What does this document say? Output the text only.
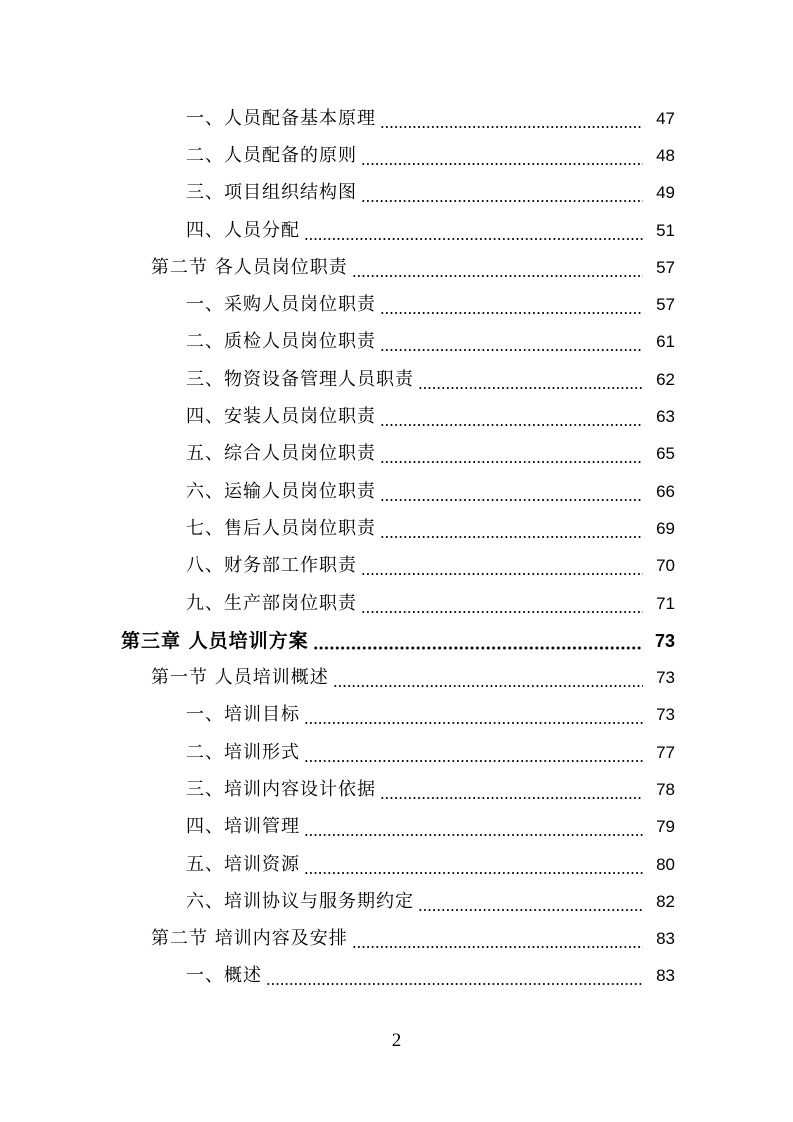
一、人员配备基本原理	47
二、人员配备的原则	48
三、项目组织结构图	49
四、人员分配	51
第二节 各人员岗位职责	57
一、采购人员岗位职责	57
二、质检人员岗位职责	61
三、物资设备管理人员职责	62
四、安装人员岗位职责	63
五、综合人员岗位职责	65
六、运输人员岗位职责	66
七、售后人员岗位职责	69
八、财务部工作职责	70
九、生产部岗位职责	71
第三章 人员培训方案	73
第一节 人员培训概述	73
一、培训目标	73
二、培训形式	77
三、培训内容设计依据	78
四、培训管理	79
五、培训资源	80
六、培训协议与服务期约定	82
第二节 培训内容及安排	83
一、概述	83
2
